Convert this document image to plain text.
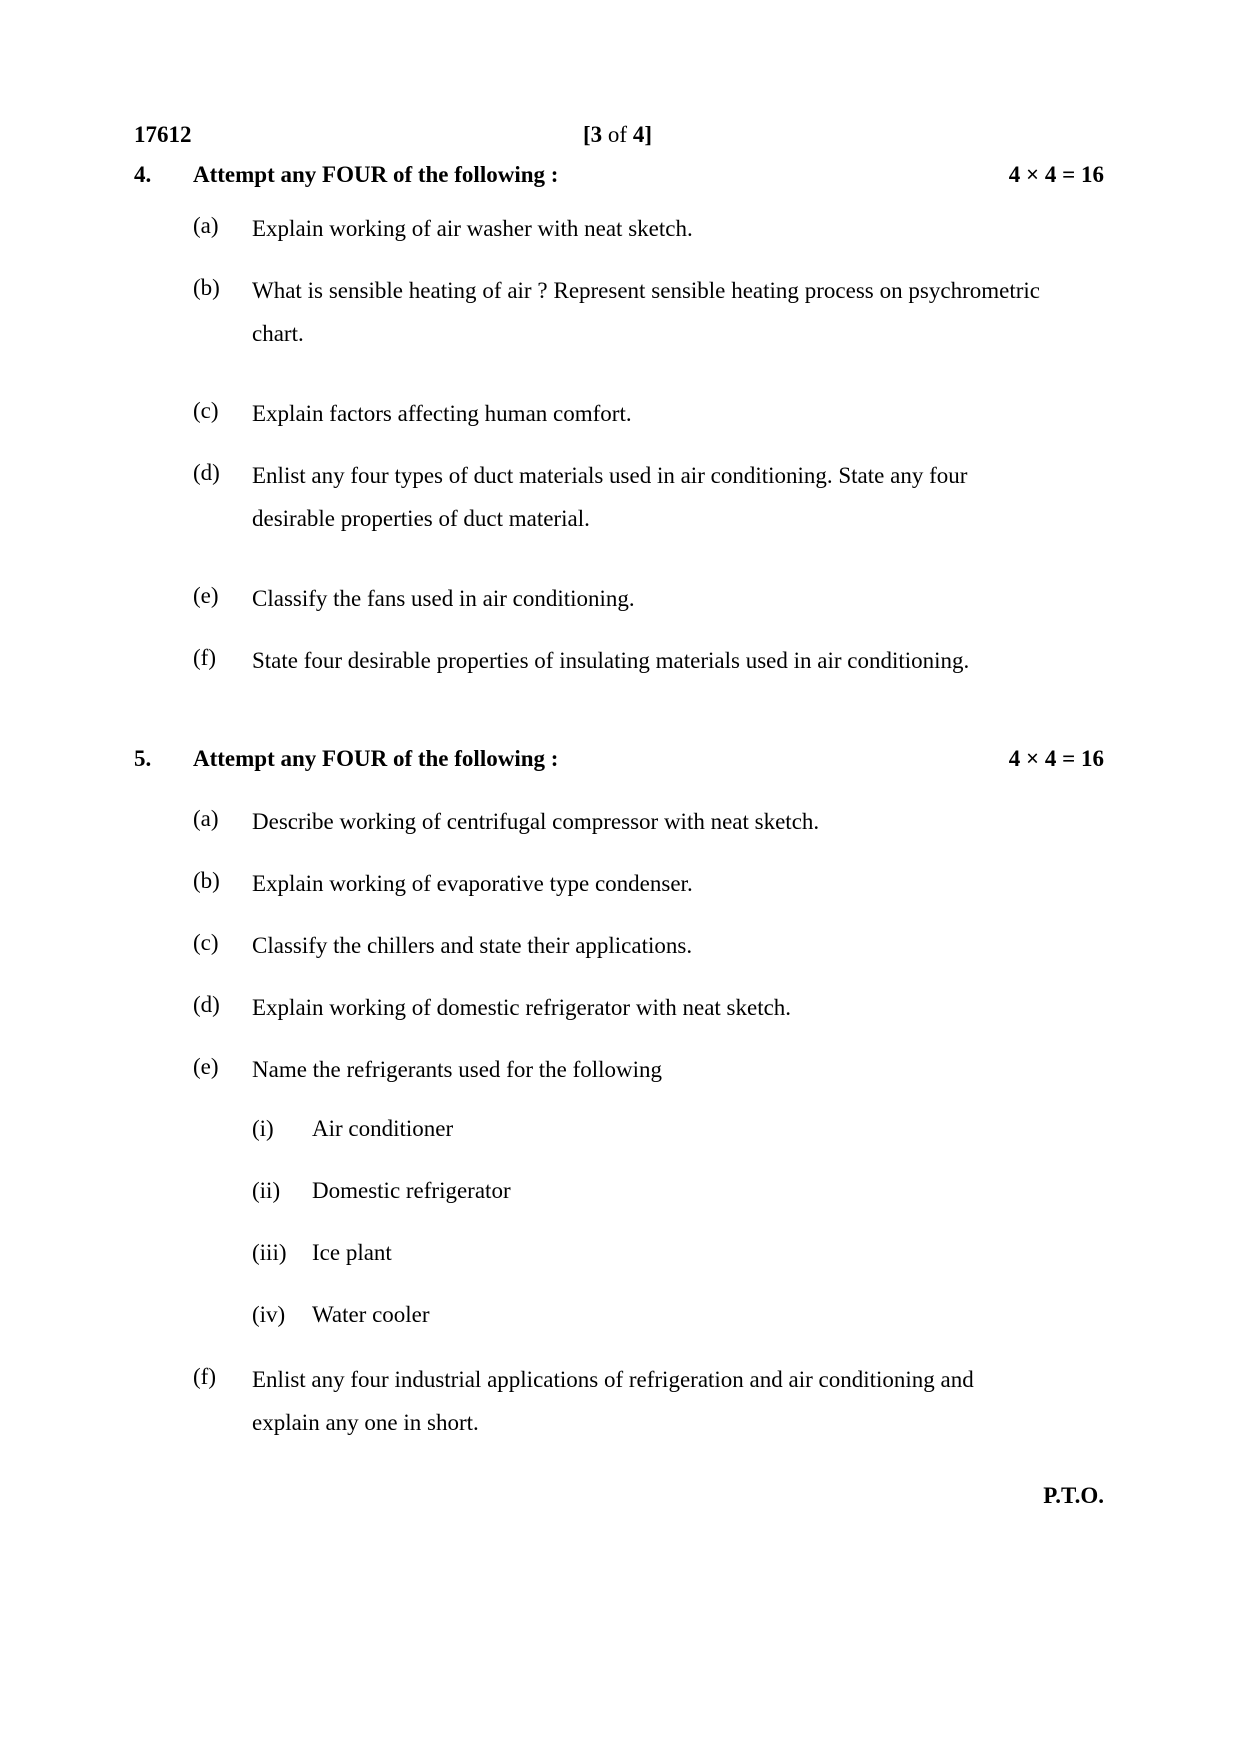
17612	[3 of 4]
4. Attempt any FOUR of the following :	4 × 4 = 16
(a) Explain working of air washer with neat sketch.
(b) What is sensible heating of air ? Represent sensible heating process on psychrometric chart.
(c) Explain factors affecting human comfort.
(d) Enlist any four types of duct materials used in air conditioning. State any four desirable properties of duct material.
(e) Classify the fans used in air conditioning.
(f) State four desirable properties of insulating materials used in air conditioning.
5. Attempt any FOUR of the following :	4 × 4 = 16
(a) Describe working of centrifugal compressor with neat sketch.
(b) Explain working of evaporative type condenser.
(c) Classify the chillers and state their applications.
(d) Explain working of domestic refrigerator with neat sketch.
(e) Name the refrigerants used for the following
(i) Air conditioner
(ii) Domestic refrigerator
(iii) Ice plant
(iv) Water cooler
(f) Enlist any four industrial applications of refrigeration and air conditioning and explain any one in short.
P.T.O.
